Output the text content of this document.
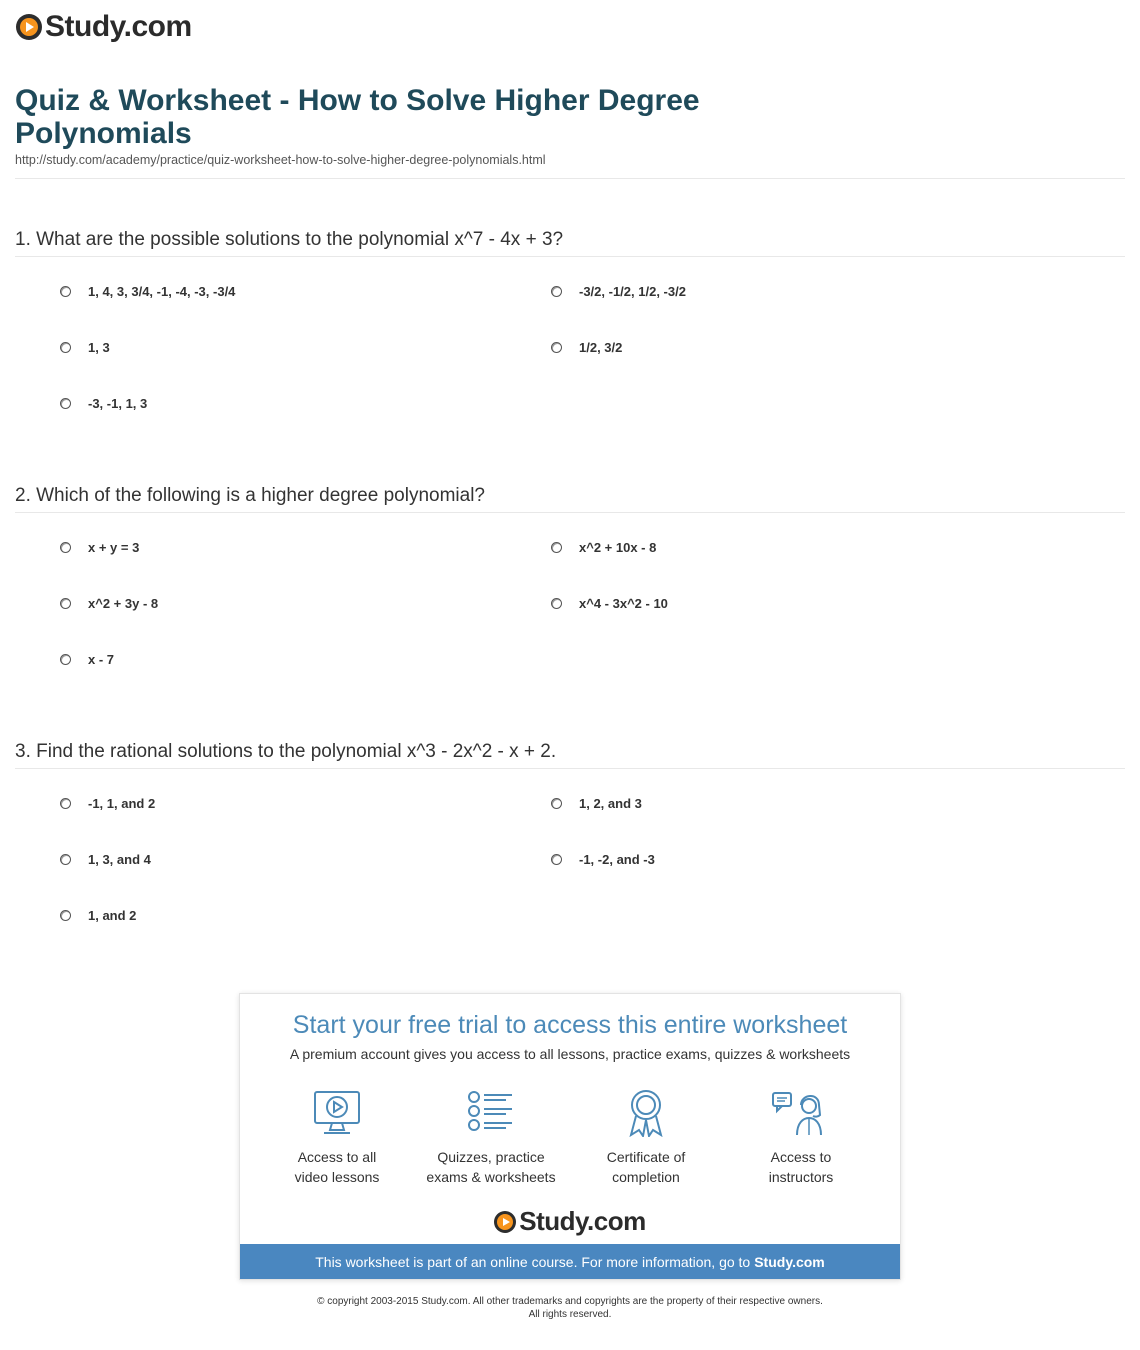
Study.com
Quiz & Worksheet - How to Solve Higher Degree Polynomials
http://study.com/academy/practice/quiz-worksheet-how-to-solve-higher-degree-polynomials.html
1. What are the possible solutions to the polynomial x^7 - 4x + 3?
1, 4, 3, 3/4, -1, -4, -3, -3/4	-3/2, -1/2, 1/2, -3/2
1, 3	1/2, 3/2
-3, -1, 1, 3
2. Which of the following is a higher degree polynomial?
x + y = 3	x^2 + 10x - 8
x^2 + 3y - 8	x^4 - 3x^2 - 10
x - 7
3. Find the rational solutions to the polynomial x^3 - 2x^2 - x + 2.
-1, 1, and 2	1, 2, and 3
1, 3, and 4	-1, -2, and -3
1, and 2
Start your free trial to access this entire worksheet
A premium account gives you access to all lessons, practice exams, quizzes & worksheets
Access to all
video lessons
Quizzes, practice
exams & worksheets
Certificate of
completion
Access to
instructors
Study.com
This worksheet is part of an online course. For more information, go to Study.com
© copyright 2003-2015 Study.com. All other trademarks and copyrights are the property of their respective owners.
All rights reserved.
